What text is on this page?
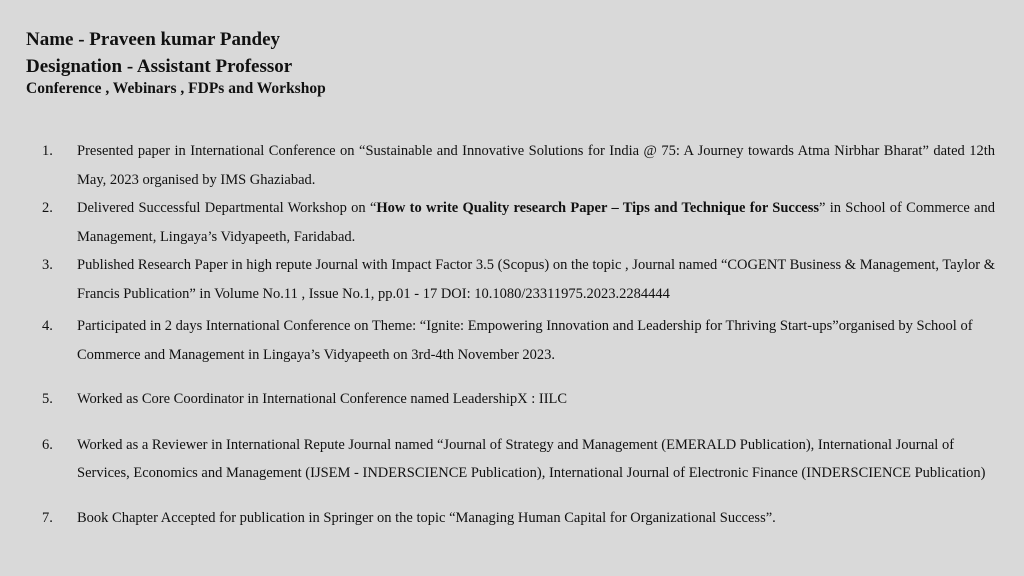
Name - Praveen kumar Pandey

Designation - Assistant Professor

Conference , Webinars , FDPs and Workshop

1.	Presented paper in International Conference on “Sustainable and Innovative Solutions for India @ 75: A Journey towards Atma Nirbhar Bharat” dated 12th May, 2023 organised by IMS Ghaziabad.
2.	Delivered Successful Departmental Workshop on “How to write Quality research Paper – Tips and Technique for Success” in School of Commerce and Management, Lingaya’s Vidyapeeth, Faridabad.
3.	Published Research Paper in high repute Journal with Impact Factor 3.5 (Scopus) on the topic , Journal named “COGENT Business & Management, Taylor & Francis Publication” in Volume No.11 , Issue No.1, pp.01 - 17 DOI: 10.1080/23311975.2023.2284444
4.	Participated in 2 days International Conference on Theme: “Ignite: Empowering Innovation and Leadership for Thriving Start-ups”organised by School of Commerce and Management in Lingaya’s Vidyapeeth on 3rd-4th November 2023.
5.	Worked as Core Coordinator in International Conference named LeadershipX : IILC
6.	Worked as a Reviewer in International Repute Journal named “Journal of Strategy and Management (EMERALD Publication), International Journal of Services, Economics and Management (IJSEM - INDERSCIENCE Publication), International Journal of Electronic Finance (INDERSCIENCE Publication)
7.	Book Chapter Accepted for publication in Springer on the topic “Managing Human Capital for Organizational Success”.
